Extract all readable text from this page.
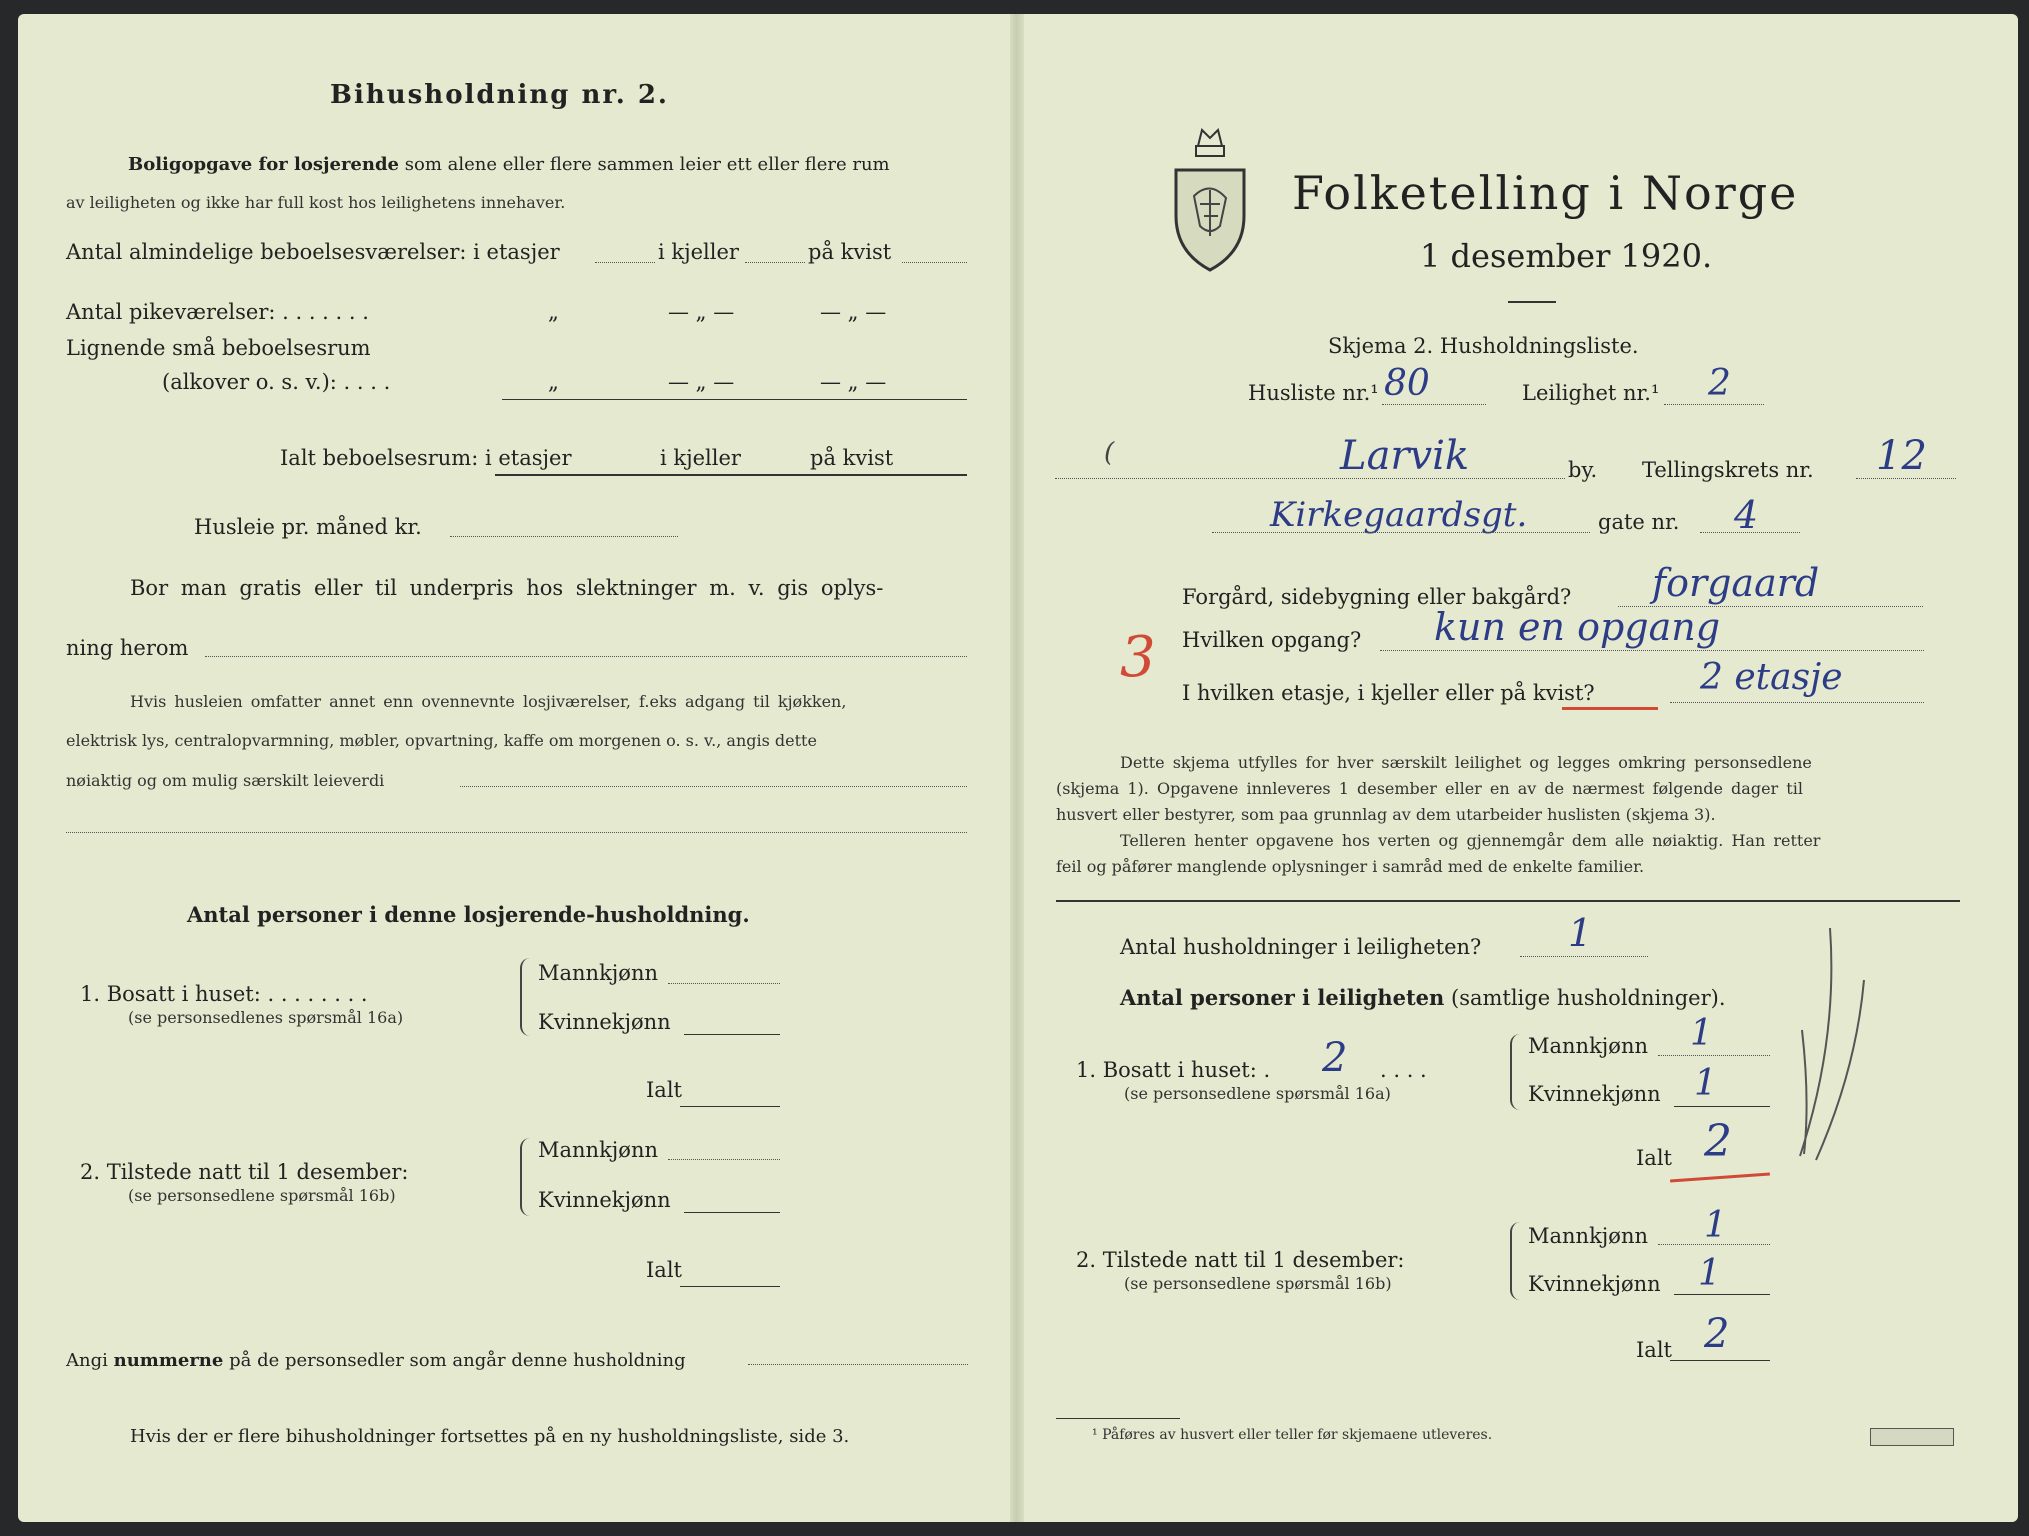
Bihusholdning nr. 2.
Boligopgave for losjerende som alene eller flere sammen leier ett eller flere rum
av leiligheten og ikke har full kost hos leilighetens innehaver.
Antal almindelige beboelsesværelser: i etasjer	i kjeller	på kvist
Antal pikeværelser: . . . . . . .	„	— „ —	— „ —
Lignende små beboelsesrum
(alkover o. s. v.): . . . .	„	— „ —	— „ —
Ialt beboelsesrum: i etasjer	i kjeller	på kvist
Husleie pr. måned kr.
Bor man gratis eller til underpris hos slektninger m. v. gis oplys-
ning herom
Hvis husleien omfatter annet enn ovennevnte losjiværelser, f.eks adgang til kjøkken,
elektrisk lys, centralopvarmning, møbler, opvartning, kaffe om morgenen o. s. v., angis dette
nøiaktig og om mulig særskilt leieverdi
Antal personer i denne losjerende-husholdning.
1. Bosatt i huset: . . . . . . . .
(se personsedlenes spørsmål 16a)
Mannkjønn
Kvinnekjønn
Ialt
2. Tilstede natt til 1 desember:
(se personsedlene spørsmål 16b)
Mannkjønn
Kvinnekjønn
Ialt
Angi nummerne på de personsedler som angår denne husholdning
Hvis der er flere bihusholdninger fortsettes på en ny husholdningsliste, side 3.
Folketelling i Norge
1 desember 1920.
Skjema 2. Husholdningsliste.
Husliste nr.¹ 80	Leilighet nr.¹ 2
(	Larvik	by. Tellingskrets nr. 12
Kirkegaardsgt.	gate nr. 4
Forgård, sidebygning eller bakgård? forgaard
3 Hvilken opgang? kun en opgang
I hvilken etasje, i kjeller eller på kvist?	2 etasje
Dette skjema utfylles for hver særskilt leilighet og legges omkring personsedlene
(skjema 1). Opgavene innleveres 1 desember eller en av de nærmest følgende dager til
husvert eller bestyrer, som paa grunnlag av dem utarbeider huslisten (skjema 3).
Telleren henter opgavene hos verten og gjennemgår dem alle nøiaktig. Han retter
feil og påfører manglende oplysninger i samråd med de enkelte familier.
Antal husholdninger i leiligheten? 1
Antal personer i leiligheten (samtlige husholdninger).
1. Bosatt i huset: . 2 . . . .
(se personsedlene spørsmål 16a)
Mannkjønn 1
Kvinnekjønn 1
Ialt 2
2. Tilstede natt til 1 desember:
(se personsedlene spørsmål 16b)
Mannkjønn 1
Kvinnekjønn 1
Ialt 2
¹ Påføres av husvert eller teller før skjemaene utleveres.
